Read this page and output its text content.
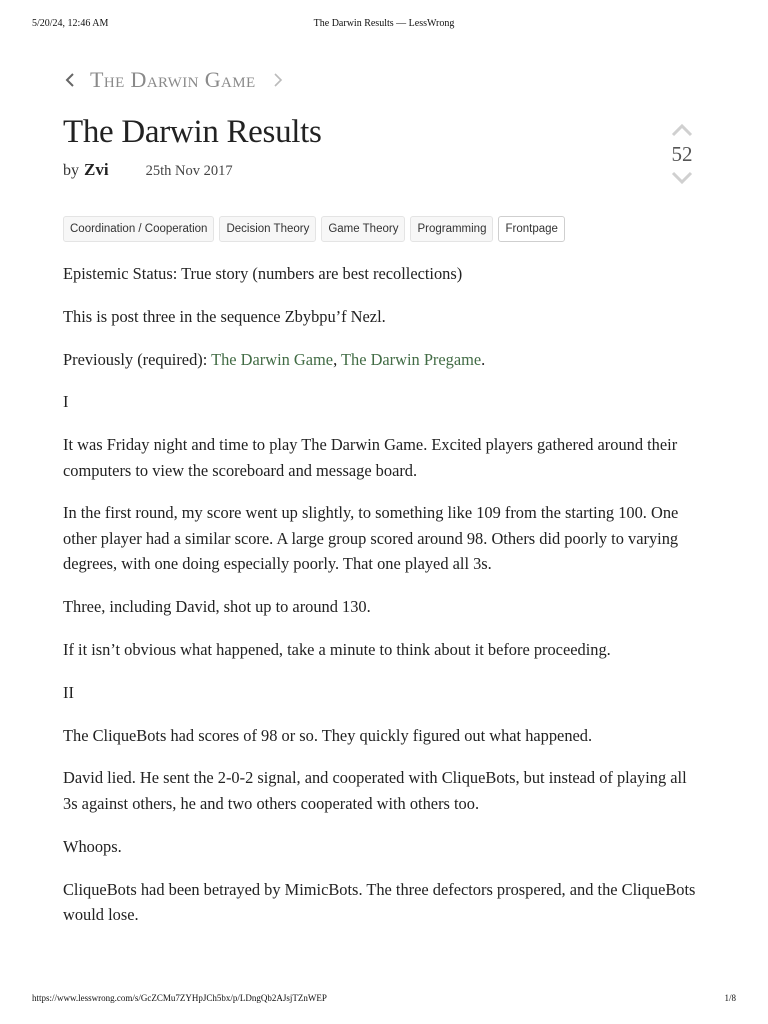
5/20/24, 12:46 AM	The Darwin Results — LessWrong
The Darwin Game
The Darwin Results
by Zvi	25th Nov 2017
52
Coordination / Cooperation	Decision Theory	Game Theory	Programming	Frontpage

Epistemic Status: True story (numbers are best recollections)

This is post three in the sequence Zbybpu’f Nezl.

Previously (required): The Darwin Game, The Darwin Pregame.

I

It was Friday night and time to play The Darwin Game. Excited players gathered around their computers to view the scoreboard and message board.

In the first round, my score went up slightly, to something like 109 from the starting 100. One other player had a similar score. A large group scored around 98. Others did poorly to varying degrees, with one doing especially poorly. That one played all 3s.

Three, including David, shot up to around 130.

If it isn’t obvious what happened, take a minute to think about it before proceeding.

II

The CliqueBots had scores of 98 or so. They quickly figured out what happened.

David lied. He sent the 2-0-2 signal, and cooperated with CliqueBots, but instead of playing all 3s against others, he and two others cooperated with others too.

Whoops.

CliqueBots had been betrayed by MimicBots. The three defectors prospered, and the CliqueBots would lose.

https://www.lesswrong.com/s/GcZCMu7ZYHpJCh5bx/p/LDngQb2AJsjTZnWEP	1/8
